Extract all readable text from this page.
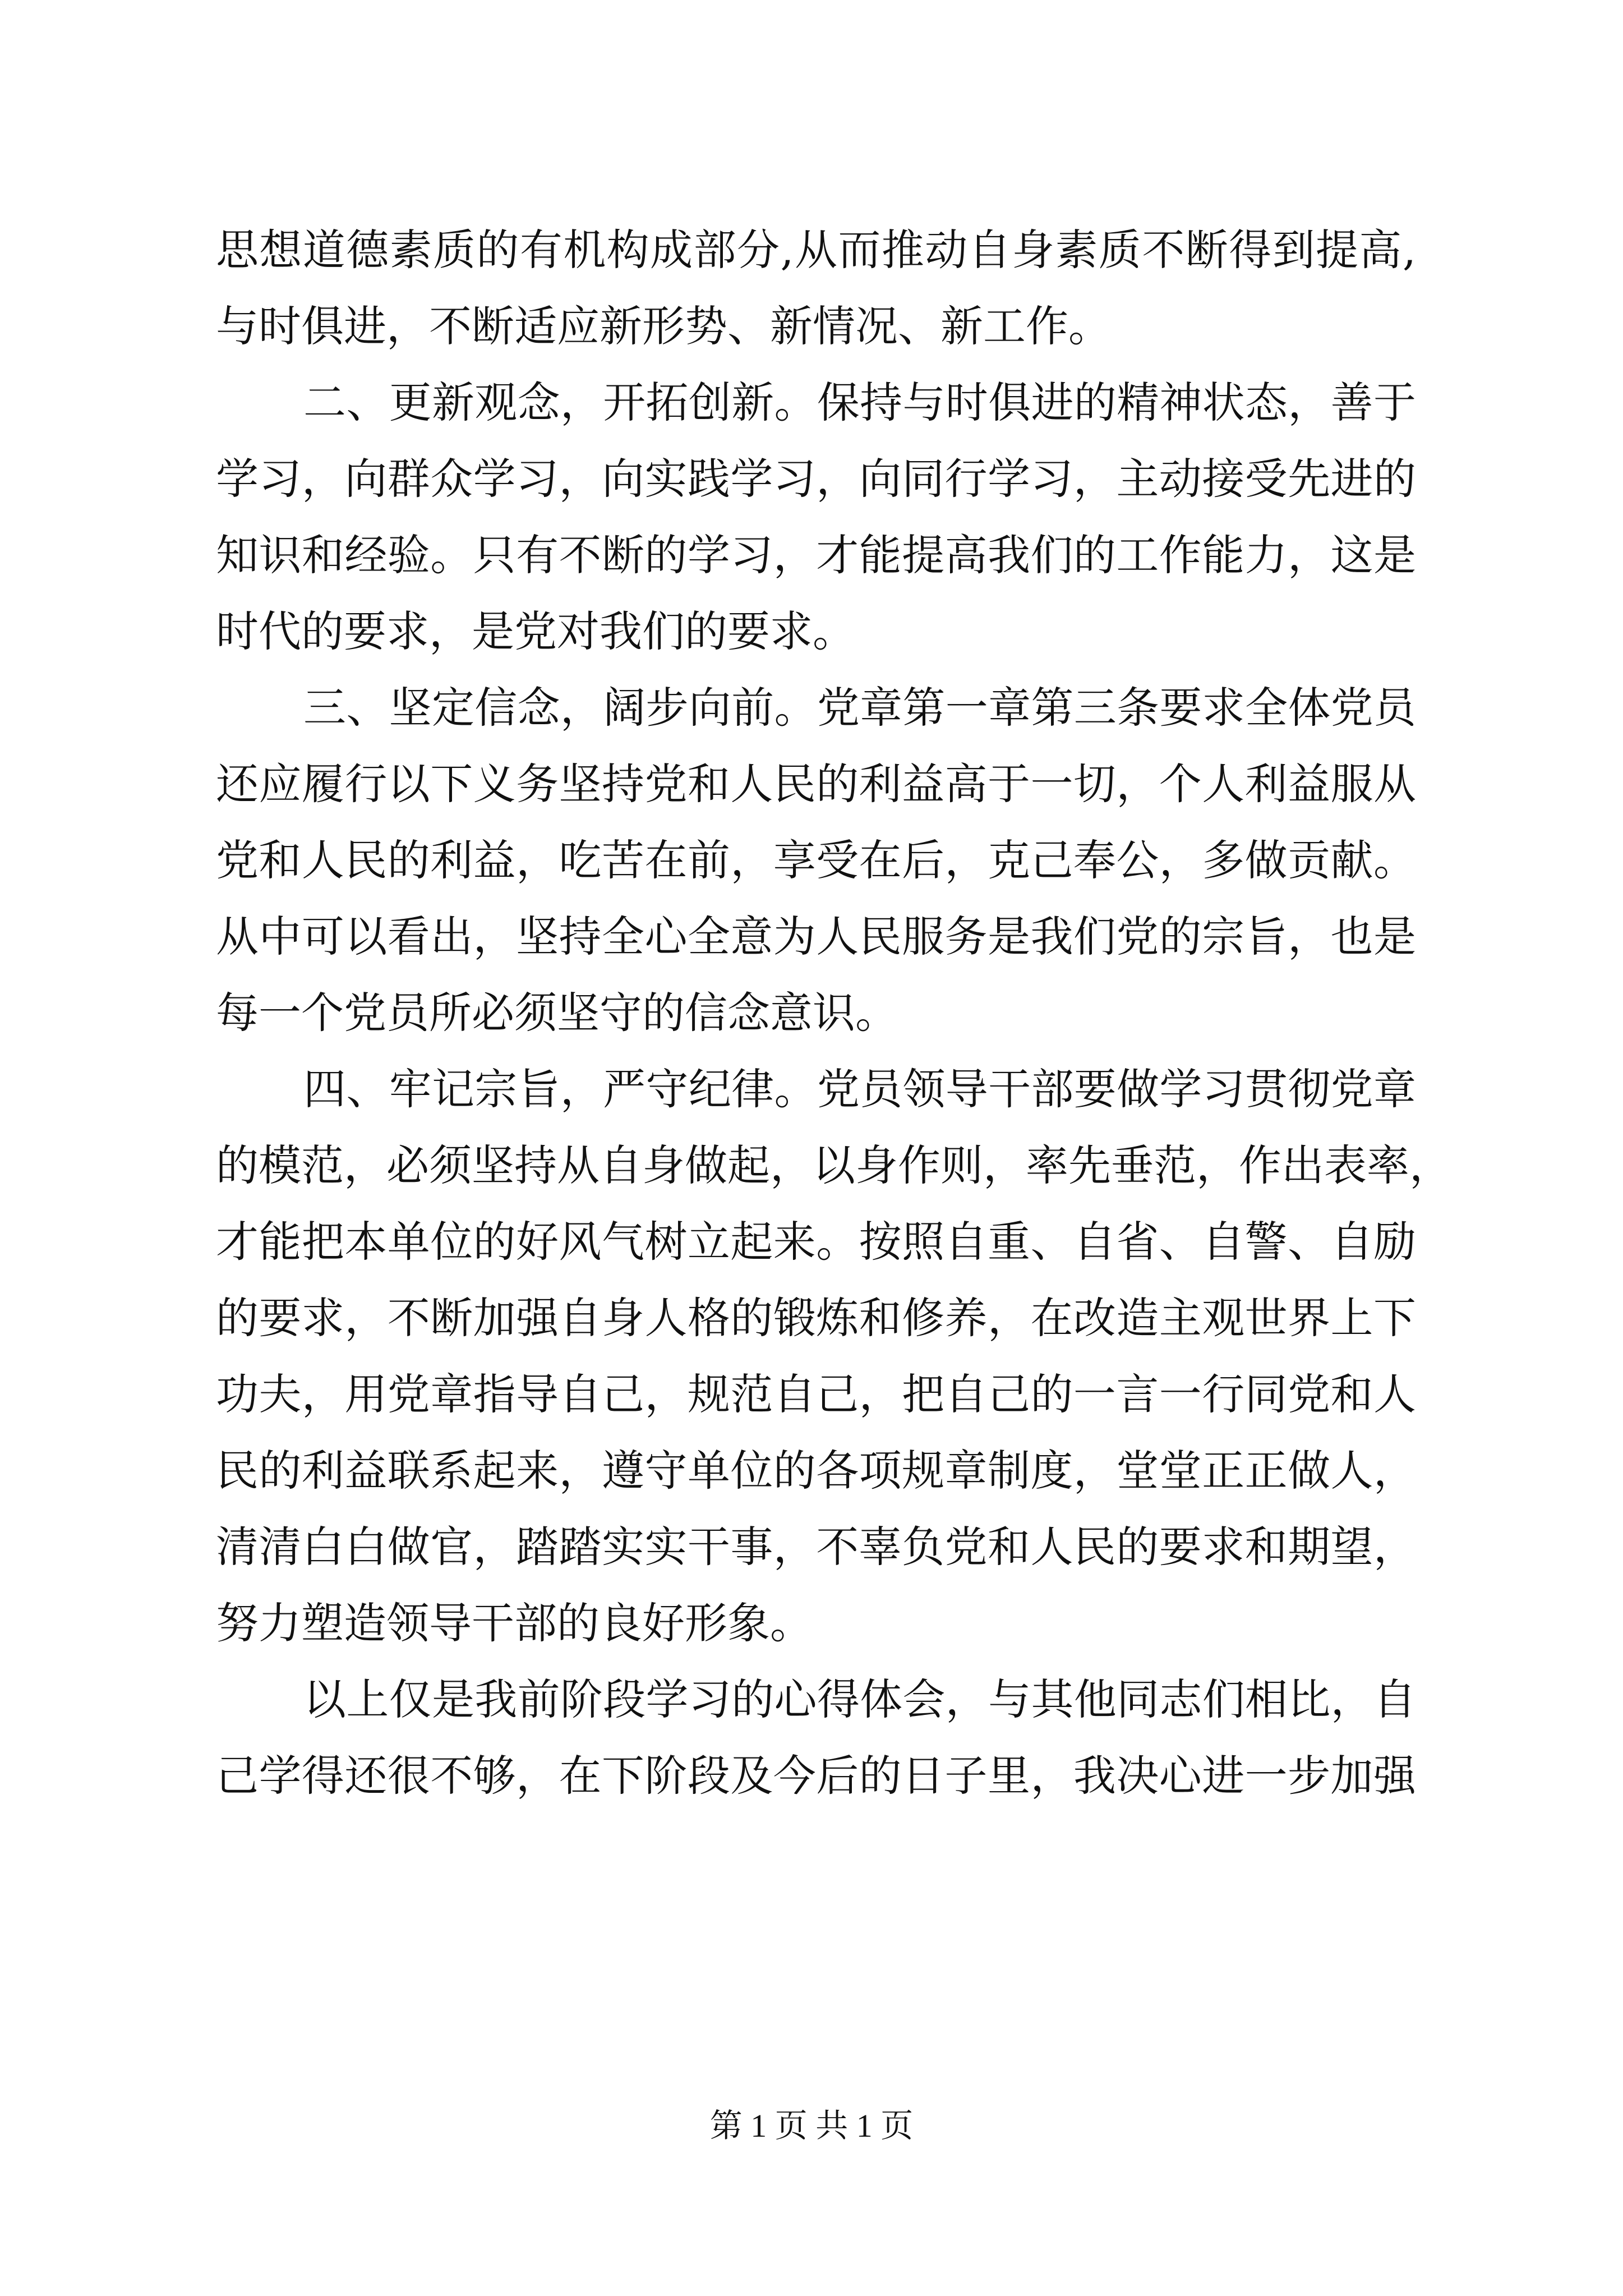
思想道德素质的有机构成部分,从而推动自身素质不断得到提高,
与时俱进，不断适应新形势、新情况、新工作。
二、更新观念，开拓创新。保持与时俱进的精神状态，善于
学习，向群众学习，向实践学习，向同行学习，主动接受先进的
知识和经验。只有不断的学习，才能提高我们的工作能力，这是
时代的要求，是党对我们的要求。
三、坚定信念，阔步向前。党章第一章第三条要求全体党员
还应履行以下义务坚持党和人民的利益高于一切，个人利益服从
党和人民的利益，吃苦在前，享受在后，克己奉公，多做贡献。
从中可以看出，坚持全心全意为人民服务是我们党的宗旨，也是
每一个党员所必须坚守的信念意识。
四、牢记宗旨，严守纪律。党员领导干部要做学习贯彻党章
的模范，必须坚持从自身做起，以身作则，率先垂范，作出表率，
才能把本单位的好风气树立起来。按照自重、自省、自警、自励
的要求，不断加强自身人格的锻炼和修养，在改造主观世界上下
功夫，用党章指导自己，规范自己，把自己的一言一行同党和人
民的利益联系起来，遵守单位的各项规章制度，堂堂正正做人，
清清白白做官，踏踏实实干事，不辜负党和人民的要求和期望，
努力塑造领导干部的良好形象。
以上仅是我前阶段学习的心得体会，与其他同志们相比，自
己学得还很不够，在下阶段及今后的日子里，我决心进一步加强
第 1 页 共 1 页
